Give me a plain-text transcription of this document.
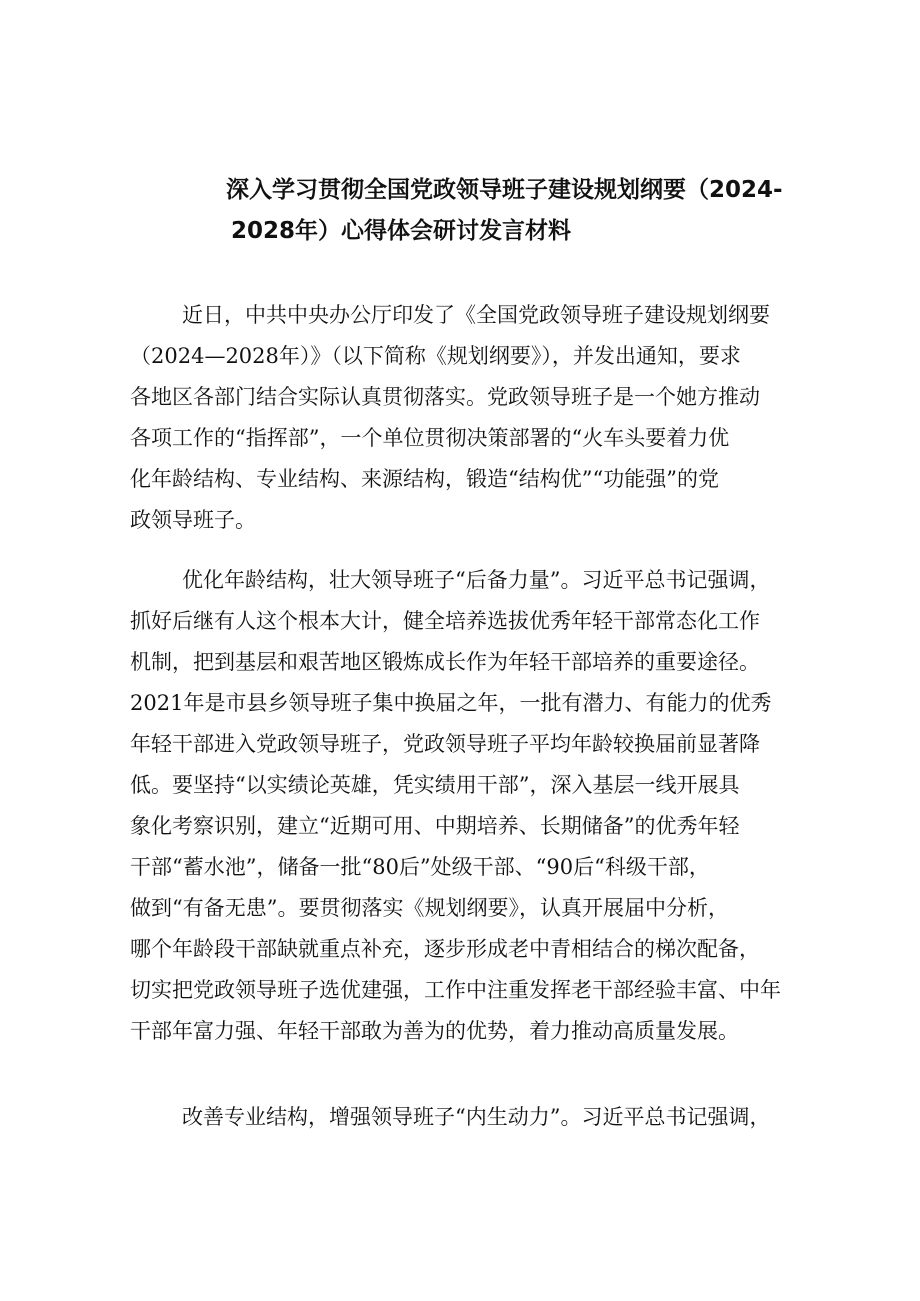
深入学习贯彻全国党政领导班子建设规划纲要（2024-
2028年）心得体会研讨发言材料
近日，中共中央办公厅印发了《全国党政领导班子建设规划纲要
（2024—2028年）》（以下简称《规划纲要》），并发出通知，要求
各地区各部门结合实际认真贯彻落实。党政领导班子是一个她方推动
各项工作的“指挥部”，一个单位贯彻决策部署的“火车头要着力优
化年龄结构、专业结构、来源结构，锻造“结构优”“功能强”的党
政领导班子。
优化年龄结构，壮大领导班子“后备力量”。习近平总书记强调，
抓好后继有人这个根本大计，健全培养选拔优秀年轻干部常态化工作
机制，把到基层和艰苦地区锻炼成长作为年轻干部培养的重要途径。
2021年是市县乡领导班子集中换届之年，一批有潜力、有能力的优秀
年轻干部进入党政领导班子，党政领导班子平均年龄较换届前显著降
低。要坚持“以实绩论英雄，凭实绩用干部”，深入基层一线开展具
象化考察识别，建立“近期可用、中期培养、长期储备”的优秀年轻
干部“蓄水池”，储备一批“80后”处级干部、“90后“科级干部，
做到“有备无患”。要贯彻落实《规划纲要》，认真开展届中分析，
哪个年龄段干部缺就重点补充，逐步形成老中青相结合的梯次配备，
切实把党政领导班子选优建强，工作中注重发挥老干部经验丰富、中年
干部年富力强、年轻干部敢为善为的优势，着力推动高质量发展。
改善专业结构，增强领导班子“内生动力”。习近平总书记强调，
